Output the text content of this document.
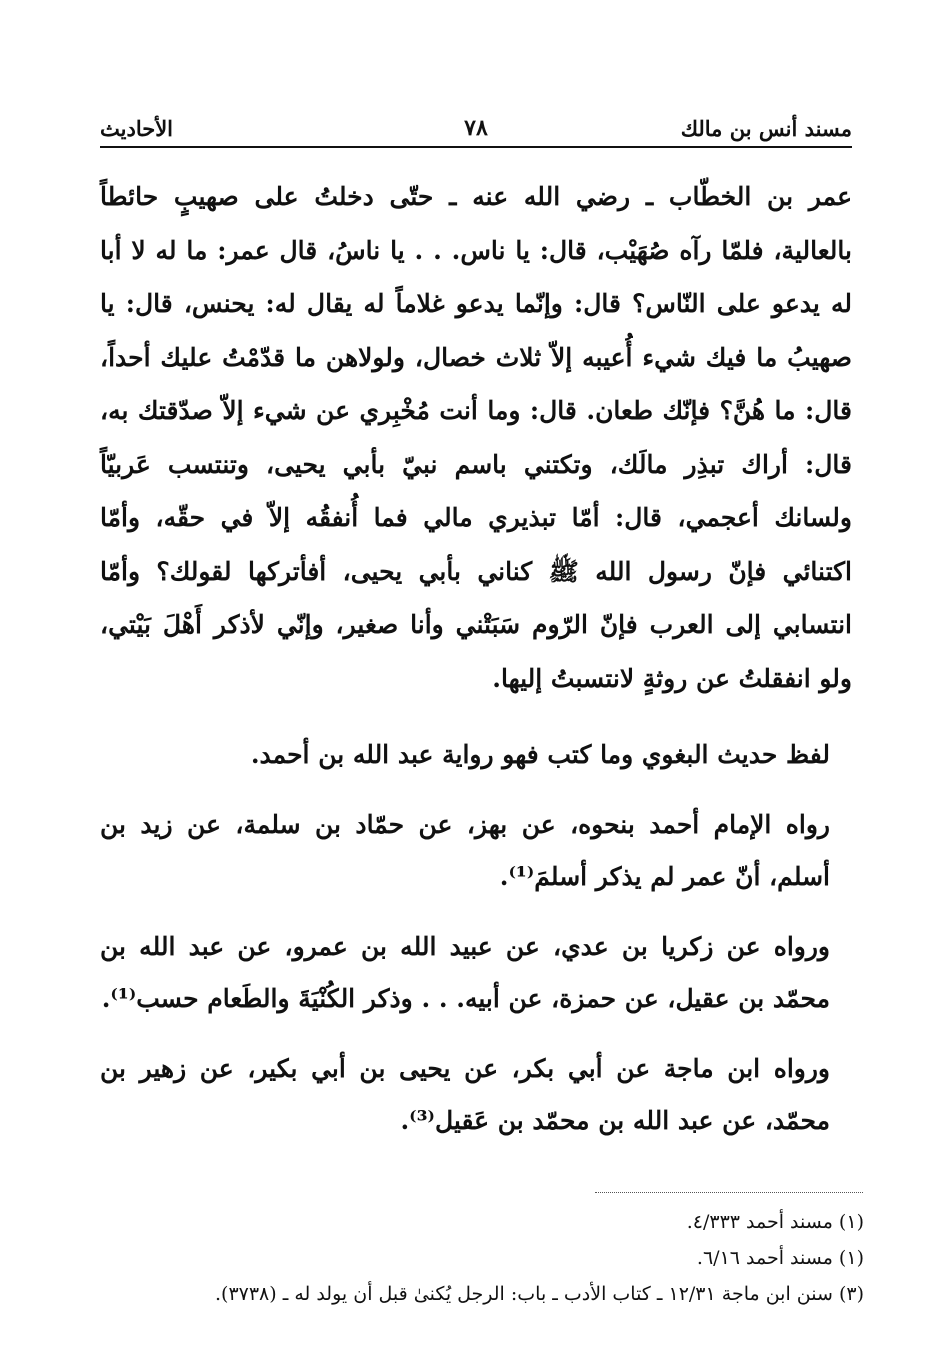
مسند أنس بن مالك
٧٨
الأحاديث

عمر بن الخطّاب ـ رضي الله عنه ـ حتّى دخلتُ على صهيبٍ حائطاً بالعالية، فلمّا رآه صُهَيْب، قال: يا ناس. . . يا ناسُ، قال عمر: ما له لا أبا له يدعو على النّاس؟ قال: وإنّما يدعو غلاماً له يقال له: يحنس، قال: يا صهيبُ ما فيك شيء أُعيبه إلاّ ثلاث خصال، ولولاهن ما قدّمْتُ عليك أحداً، قال: ما هُنَّ؟ فإنّك طعان. قال: وما أنت مُخْبِري عن شيء إلاّ صدّقتك به، قال: أراك تبذِر مالَك، وتكتني باسم نبيّ بأبي يحيى، وتنتسب عَربيّاً ولسانك أعجمي، قال: أمّا تبذيري مالي فما أُنفقُه إلاّ في حقّه، وأمّا اكتنائي فإنّ رسول الله ﷺ كناني بأبي يحيى، أفأتركها لقولك؟ وأمّا انتسابي إلى العرب فإنّ الرّوم سَبَتْني وأنا صغير، وإنّي لأذكر أَهْلَ بَيْتي، ولو انفقلتُ عن روثةٍ لانتسبتُ إليها.

لفظ حديث البغوي وما كتب فهو رواية عبد الله بن أحمد.

رواه الإمام أحمد بنحوه، عن بهز، عن حمّاد بن سلمة، عن زيد بن أسلم، أنّ عمر لم يذكر أسلمَ⁽¹⁾.

ورواه عن زكريا بن عدي، عن عبيد الله بن عمرو، عن عبد الله بن محمّد بن عقيل، عن حمزة، عن أبيه. . . وذكر الكُنْيَةَ والطَعام حسب⁽¹⁾.

ورواه ابن ماجة عن أبي بكر، عن يحيى بن أبي بكير، عن زهير بن محمّد، عن عبد الله بن محمّد بن عَقيل⁽³⁾.

(١) مسند أحمد ٤/٣٣٣.
(١) مسند أحمد ٦/١٦.
(٣) سنن ابن ماجة ١٢/٣١ ـ كتاب الأدب ـ باب: الرجل يُكنىٰ قبل أن يولد له ـ (٣٧٣٨).
